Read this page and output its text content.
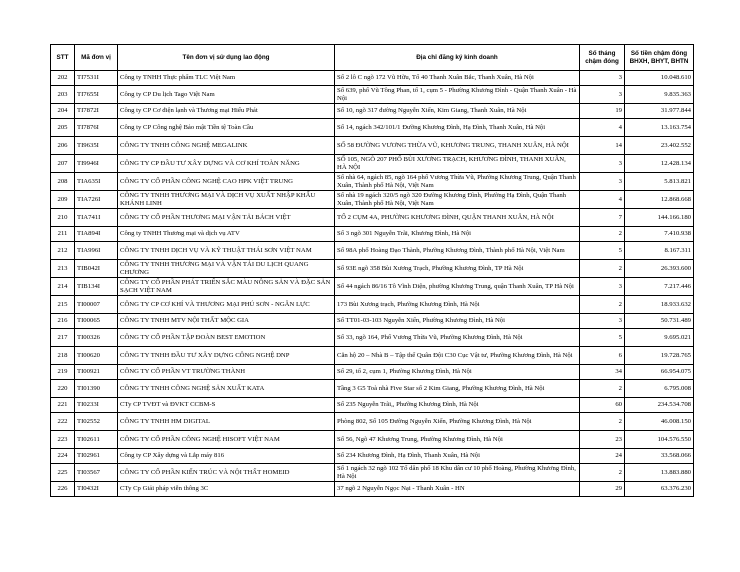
STT	Mã đơn vị	Tên đơn vị sử dụng lao động	Địa chỉ đăng ký kinh doanh	Số tháng chậm đóng	Số tiền chậm đóng BHXH, BHYT, BHTN
202	TI7531I	Công ty TNHH Thực phẩm TLC Việt Nam	Số 2 lô C ngõ 172 Vũ Hữu, Tổ 40 Thanh Xuân Bắc, Thanh Xuân, Hà Nội	3	10.048.610
203	TI7655I	Công ty CP Du lịch Tago Việt Nam	Số 639, phố Vũ Tông Phan, tổ 1, cụm 5 - Phường Khương Đình - Quận Thanh Xuân - Hà Nội	3	9.835.363
204	TI7872I	Công ty CP Cơ điện lạnh và Thương mại Hiếu Phát	Số 10, ngõ 317 đường Nguyễn Xiển, Kim Giang, Thanh Xuân, Hà Nội	19	31.977.844
205	TI7876I	Công ty CP Công nghệ Bảo mật Tiền tệ Toàn Cầu	Số 14, ngách 342/101/1 Đường Khương Đình, Hạ Đình, Thanh Xuân, Hà Nội	4	13.163.754
206	TI9635I	CÔNG TY TNHH CÔNG NGHỆ MEGALINK	SỐ 58 ĐƯỜNG VƯƠNG THỪA VŨ, KHƯƠNG TRUNG, THANH XUÂN, HÀ NỘI	14	23.402.552
207	TI9946I	CÔNG TY CP ĐẦU TƯ XÂY DỰNG VÀ CƠ KHÍ TOÀN NĂNG	SỐ 105, NGÕ 207 PHỐ BÙI XƯƠNG TRẠCH, KHƯƠNG ĐÌNH, THANH XUÂN, HÀ NỘI	3	12.428.134
208	TIA635I	CÔNG TY CỔ PHẦN CÔNG NGHỆ CAO HPK VIỆT TRUNG	Số nhà 64, ngách 85, ngõ 164 phố Vương Thừa Vũ, Phường Khương Trung, Quận Thanh Xuân, Thành phố Hà Nội, Việt Nam	3	5.813.821
209	TIA726I	CÔNG TY TNHH THƯƠNG MẠI VÀ DỊCH VỤ XUẤT NHẬP KHẨU KHÁNH LINH	Số nhà 19 ngách 320/5 ngõ 320 Đường Khương Đình, Phường Hạ Đình, Quận Thanh Xuân, Thành phố Hà Nội, Việt Nam	4	12.868.668
210	TIA741I	CÔNG TY CỔ PHẦN THƯƠNG MẠI VẬN TẢI BÁCH VIỆT	TỔ 2 CỤM 4A, PHƯỜNG KHƯƠNG ĐÌNH, QUẬN THANH XUÂN, HÀ NỘI	7	144.166.180
211	TIA894I	Công ty TNHH Thương mại và dịch vụ ATV	Số 3 ngõ 301 Nguyễn Trãi, Khương Đình, Hà Nội	2	7.410.938
212	TIA996I	CÔNG TY TNHH DỊCH VỤ VÀ KỸ THUẬT THÁI SƠN VIỆT NAM	Số 98A phố Hoàng Đạo Thành, Phường Khương Đình, Thành phố Hà Nội, Việt Nam	5	8.167.311
213	TIB042I	CÔNG TY TNHH THƯƠNG MẠI VÀ VẬN TẢI DU LỊCH QUANG CHƯƠNG	Số 93E ngõ 358 Bùi Xương Trạch, Phường Khương Đình, TP Hà Nội	2	26.393.600
214	TIB134I	CÔNG TY CỔ PHẦN PHÁT TRIỂN SẮC MÀU NÔNG SẢN VÀ ĐẶC SẢN SẠCH VIỆT NAM	Số 44 ngách 86/16 Tô Vĩnh Diện, phường Khương Trung, quận Thanh Xuân, TP Hà Nội	3	7.217.446
215	TI00007	CÔNG TY CP CƠ KHÍ VÀ THƯƠNG MẠI PHÚ SƠN - NGÂN LỰC	173 Bùi Xương trạch, Phường Khương Đình, Hà Nội	2	18.933.632
216	TI00065	CÔNG TY TNHH MTV NỘI THẤT MỘC GIA	Số TT01-03-103 Nguyễn Xiển, Phường Khương Đình, Hà Nội	3	50.731.489
217	TI00326	CÔNG TY CỔ PHẦN TẬP ĐOÀN BEST EMOTION	Số 33, ngõ 164, Phố Vương Thừa Vũ, Phường Khương Đình, Hà Nội	5	9.695.021
218	TI00620	CÔNG TY TNHH ĐẦU TƯ XÂY DỰNG CÔNG NGHỆ DNP	Căn hộ 20 – Nhà B – Tập thể Quân Đội C30 Cục Vật tư, Phường Khương Đình, Hà Nội	6	19.728.765
219	TI00921	CÔNG TY CỔ PHẦN VT TRƯỜNG THÀNH	Số 29, tổ 2, cụm 1, Phường Khương Đình, Hà Nội	34	66.954.075
220	TI01390	CÔNG TY TNHH CÔNG NGHỆ SẢN XUẤT KATA	Tầng 3 G5 Toà nhà Five Star số 2 Kim Giang, Phường Khương Đình, Hà Nội	2	6.795.008
221	TI0233I	CTy CP TVĐT và ĐVKT CCBM-S	Số 235 Nguyễn Trãi,, Phường Khương Đình, Hà Nội	60	234.534.708
222	TI02552	CÔNG TY TNHH HM DIGITAL	Phòng 802, Số 105 Đường Nguyễn Xiển, Phường Khương Đình, Hà Nội	2	46.008.150
223	TI02611	CÔNG TY CỔ PHẦN CÔNG NGHỆ HISOFT VIỆT NAM	Số 56, Ngõ 47 Khương Trung, Phường Khương Đình, Hà Nội	23	104.576.550
224	TI02961	Công ty CP Xây dựng và Lắp máy 816	Số 234 Khương Đình, Hạ Đình, Thanh Xuân, Hà Nội	24	33.568.066
225	TI03567	CÔNG TY CỔ PHẦN KIẾN TRÚC VÀ NỘI THẤT HOMEID	Số 1 ngách 32 ngõ 102 Tổ dân phố 18 Khu dân cư 10 phố Hoàng, Phường Khương Đình, Hà Nội	2	13.883.880
226	TI0432I	CTy Cp Giải pháp viễn thông 3C	37 ngõ 2 Nguyễn Ngọc Nại - Thanh Xuân - HN	29	63.376.230
